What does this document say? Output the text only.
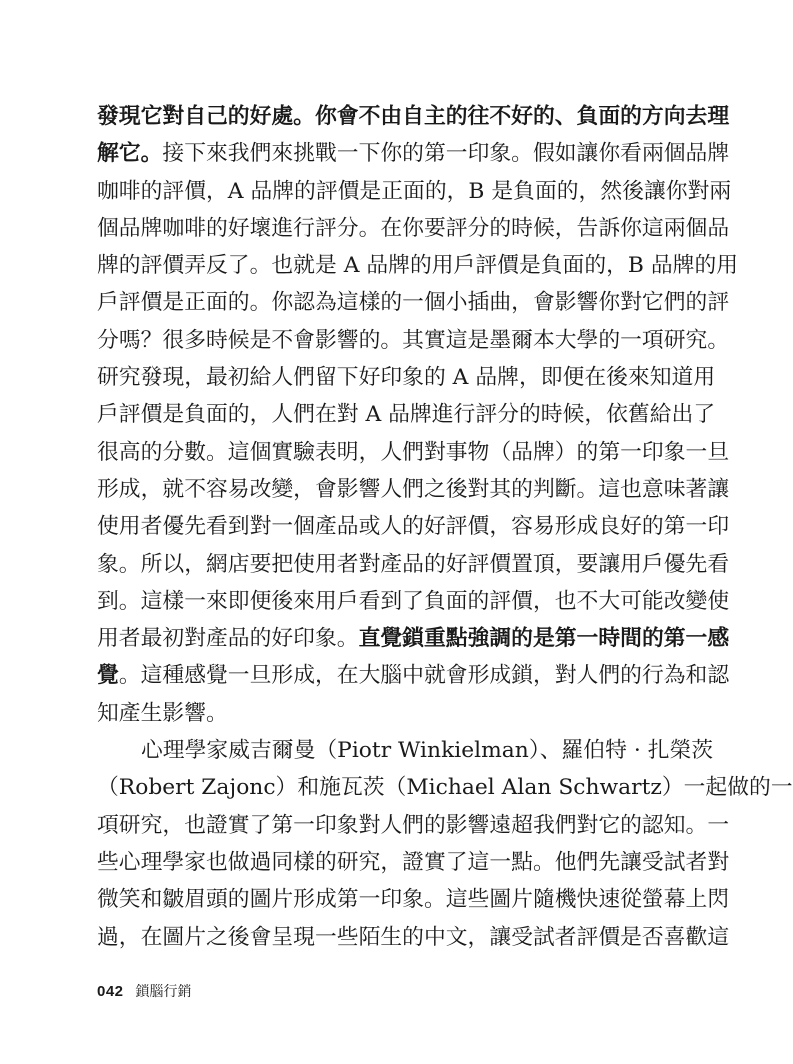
發現它對自己的好處。你會不由自主的往不好的、負面的方向去理
解它。接下來我們來挑戰一下你的第一印象。假如讓你看兩個品牌
咖啡的評價，A 品牌的評價是正面的，B 是負面的，然後讓你對兩
個品牌咖啡的好壞進行評分。在你要評分的時候，告訴你這兩個品
牌的評價弄反了。也就是 A 品牌的用戶評價是負面的，B 品牌的用
戶評價是正面的。你認為這樣的一個小插曲，會影響你對它們的評
分嗎？很多時候是不會影響的。其實這是墨爾本大學的一項研究。
研究發現，最初給人們留下好印象的 A 品牌，即便在後來知道用
戶評價是負面的，人們在對 A 品牌進行評分的時候，依舊給出了
很高的分數。這個實驗表明，人們對事物（品牌）的第一印象一旦
形成，就不容易改變，會影響人們之後對其的判斷。這也意味著讓
使用者優先看到對一個產品或人的好評價，容易形成良好的第一印
象。所以，網店要把使用者對產品的好評價置頂，要讓用戶優先看
到。這樣一來即便後來用戶看到了負面的評價，也不大可能改變使
用者最初對產品的好印象。直覺鎖重點強調的是第一時間的第一感
覺。這種感覺一旦形成，在大腦中就會形成鎖，對人們的行為和認
知產生影響。
心理學家威吉爾曼（Piotr Winkielman）、羅伯特 · 扎榮茨
（Robert Zajonc）和施瓦茨（Michael Alan Schwartz）一起做的一
項研究，也證實了第一印象對人們的影響遠超我們對它的認知。一
些心理學家也做過同樣的研究，證實了這一點。他們先讓受試者對
微笑和皺眉頭的圖片形成第一印象。這些圖片隨機快速從螢幕上閃
過，在圖片之後會呈現一些陌生的中文，讓受試者評價是否喜歡這
042 鎖腦行銷
